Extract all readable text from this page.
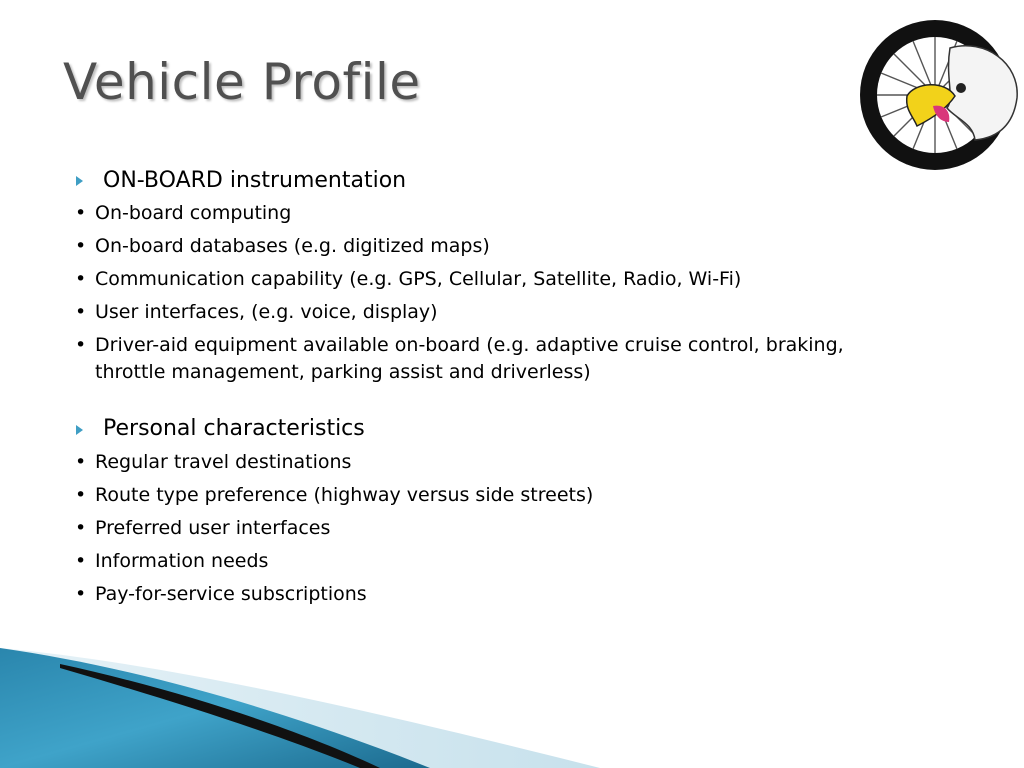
Vehicle Profile
ON-BOARD instrumentation
• On-board computing
• On-board databases (e.g. digitized maps)
• Communication capability (e.g. GPS, Cellular, Satellite, Radio, Wi-Fi)
• User interfaces, (e.g. voice, display)
• Driver-aid equipment available on-board (e.g. adaptive cruise control, braking, throttle management, parking assist and driverless)
Personal characteristics
• Regular travel destinations
• Route type preference (highway versus side streets)
• Preferred user interfaces
• Information needs
• Pay-for-service subscriptions
